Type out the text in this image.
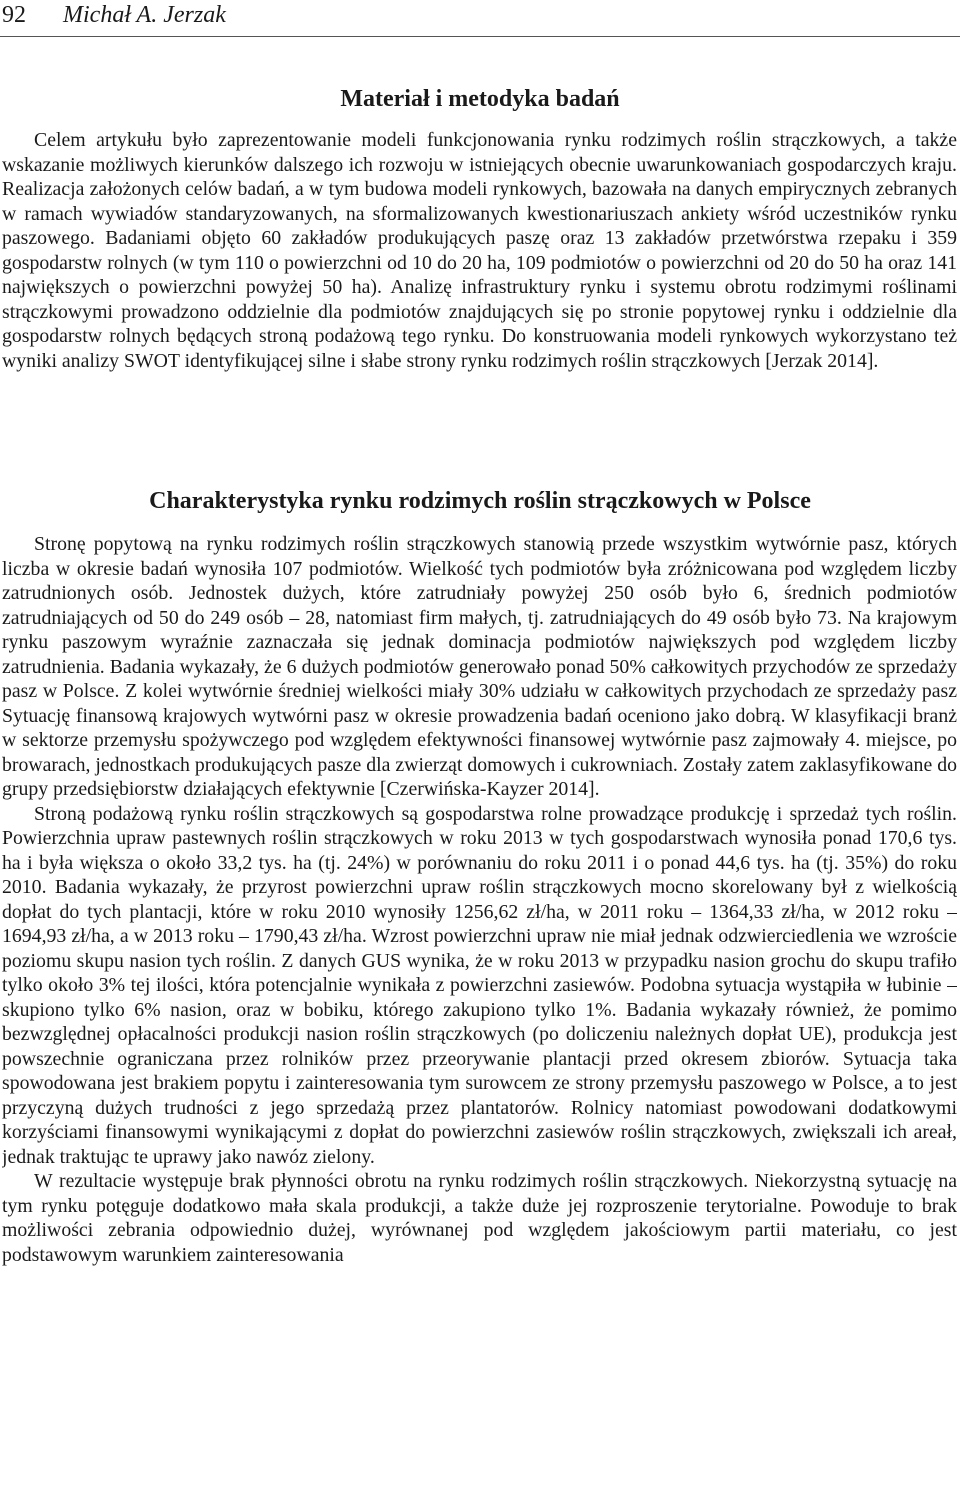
92 Michał A. Jerzak
Materiał i metodyka badań

Celem artykułu było zaprezentowanie modeli funkcjonowania rynku rodzimych roślin strączkowych, a także wskazanie możliwych kierunków dalszego ich rozwoju w istniejących obecnie uwarunkowaniach gospodarczych kraju. Realizacja założonych celów badań, a w tym budowa modeli rynkowych, bazowała na danych empirycznych zebranych w ramach wywiadów standaryzowanych, na sformalizowanych kwestionariuszach ankiety wśród uczestników rynku paszowego. Badaniami objęto 60 zakładów produkujących paszę oraz 13 zakładów przetwórstwa rzepaku i 359 gospodarstw rolnych (w tym 110 o powierzchni od 10 do 20 ha, 109 podmiotów o powierzchni od 20 do 50 ha oraz 141 największych o powierzchni powyżej 50 ha). Analizę infrastruktury rynku i systemu obrotu rodzimymi roślinami strączkowymi prowadzono oddzielnie dla podmiotów znajdujących się po stronie popytowej rynku i oddzielnie dla gospodarstw rolnych będących stroną podażową tego rynku. Do konstruowania modeli rynkowych wykorzystano też wyniki analizy SWOT identyfikującej silne i słabe strony rynku rodzimych roślin strączkowych [Jerzak 2014].

Charakterystyka rynku rodzimych roślin strączkowych w Polsce

Stronę popytową na rynku rodzimych roślin strączkowych stanowią przede wszystkim wytwórnie pasz, których liczba w okresie badań wynosiła 107 podmiotów. Wielkość tych podmiotów była zróżnicowana pod względem liczby zatrudnionych osób. Jednostek dużych, które zatrudniały powyżej 250 osób było 6, średnich podmiotów zatrudniających od 50 do 249 osób – 28, natomiast firm małych, tj. zatrudniających do 49 osób było 73. Na krajowym rynku paszowym wyraźnie zaznaczała się jednak dominacja podmiotów największych pod względem liczby zatrudnienia. Badania wykazały, że 6 dużych podmiotów generowało ponad 50% całkowitych przychodów ze sprzedaży pasz w Polsce. Z kolei wytwórnie średniej wielkości miały 30% udziału w całkowitych przychodach ze sprzedaży pasz Sytuację finansową krajowych wytwórni pasz w okresie prowadzenia badań oceniono jako dobrą. W klasyfikacji branż w sektorze przemysłu spożywczego pod względem efektywności finansowej wytwórnie pasz zajmowały 4. miejsce, po browarach, jednostkach produkujących pasze dla zwierząt domowych i cukrowniach. Zostały zatem zaklasyfikowane do grupy przedsiębiorstw działających efektywnie [Czerwińska-Kayzer 2014].

Stroną podażową rynku roślin strączkowych są gospodarstwa rolne prowadzące produkcję i sprzedaż tych roślin. Powierzchnia upraw pastewnych roślin strączkowych w roku 2013 w tych gospodarstwach wynosiła ponad 170,6 tys. ha i była większa o około 33,2 tys. ha (tj. 24%) w porównaniu do roku 2011 i o ponad 44,6 tys. ha (tj. 35%) do roku 2010. Badania wykazały, że przyrost powierzchni upraw roślin strączkowych mocno skorelowany był z wielkością dopłat do tych plantacji, które w roku 2010 wynosiły 1256,62 zł/ha, w 2011 roku – 1364,33 zł/ha, w 2012 roku – 1694,93 zł/ha, a w 2013 roku – 1790,43 zł/ha. Wzrost powierzchni upraw nie miał jednak odzwierciedlenia we wzroście poziomu skupu nasion tych roślin. Z danych GUS wynika, że w roku 2013 w przypadku nasion grochu do skupu trafiło tylko około 3% tej ilości, która potencjalnie wynikała z powierzchni zasiewów. Podobna sytuacja wystąpiła w łubinie – skupiono tylko 6% nasion, oraz w bobiku, którego zakupiono tylko 1%. Badania wykazały również, że pomimo bezwzględnej opłacalności produkcji nasion roślin strączkowych (po doliczeniu należnych dopłat UE), produkcja jest powszechnie ograniczana przez rolników przez przeorywanie plantacji przed okresem zbiorów. Sytuacja taka spowodowana jest brakiem popytu i zainteresowania tym surowcem ze strony przemysłu paszowego w Polsce, a to jest przyczyną dużych trudności z jego sprzedażą przez plantatorów. Rolnicy natomiast powodowani dodatkowymi korzyściami finansowymi wynikającymi z dopłat do powierzchni zasiewów roślin strączkowych, zwiększali ich areał, jednak traktując te uprawy jako nawóz zielony.

W rezultacie występuje brak płynności obrotu na rynku rodzimych roślin strączkowych. Niekorzystną sytuację na tym rynku potęguje dodatkowo mała skala produkcji, a także duże jej rozproszenie terytorialne. Powoduje to brak możliwości zebrania odpowiednio dużej, wyrównanej pod względem jakościowym partii materiału, co jest podstawowym warunkiem zainteresowania
